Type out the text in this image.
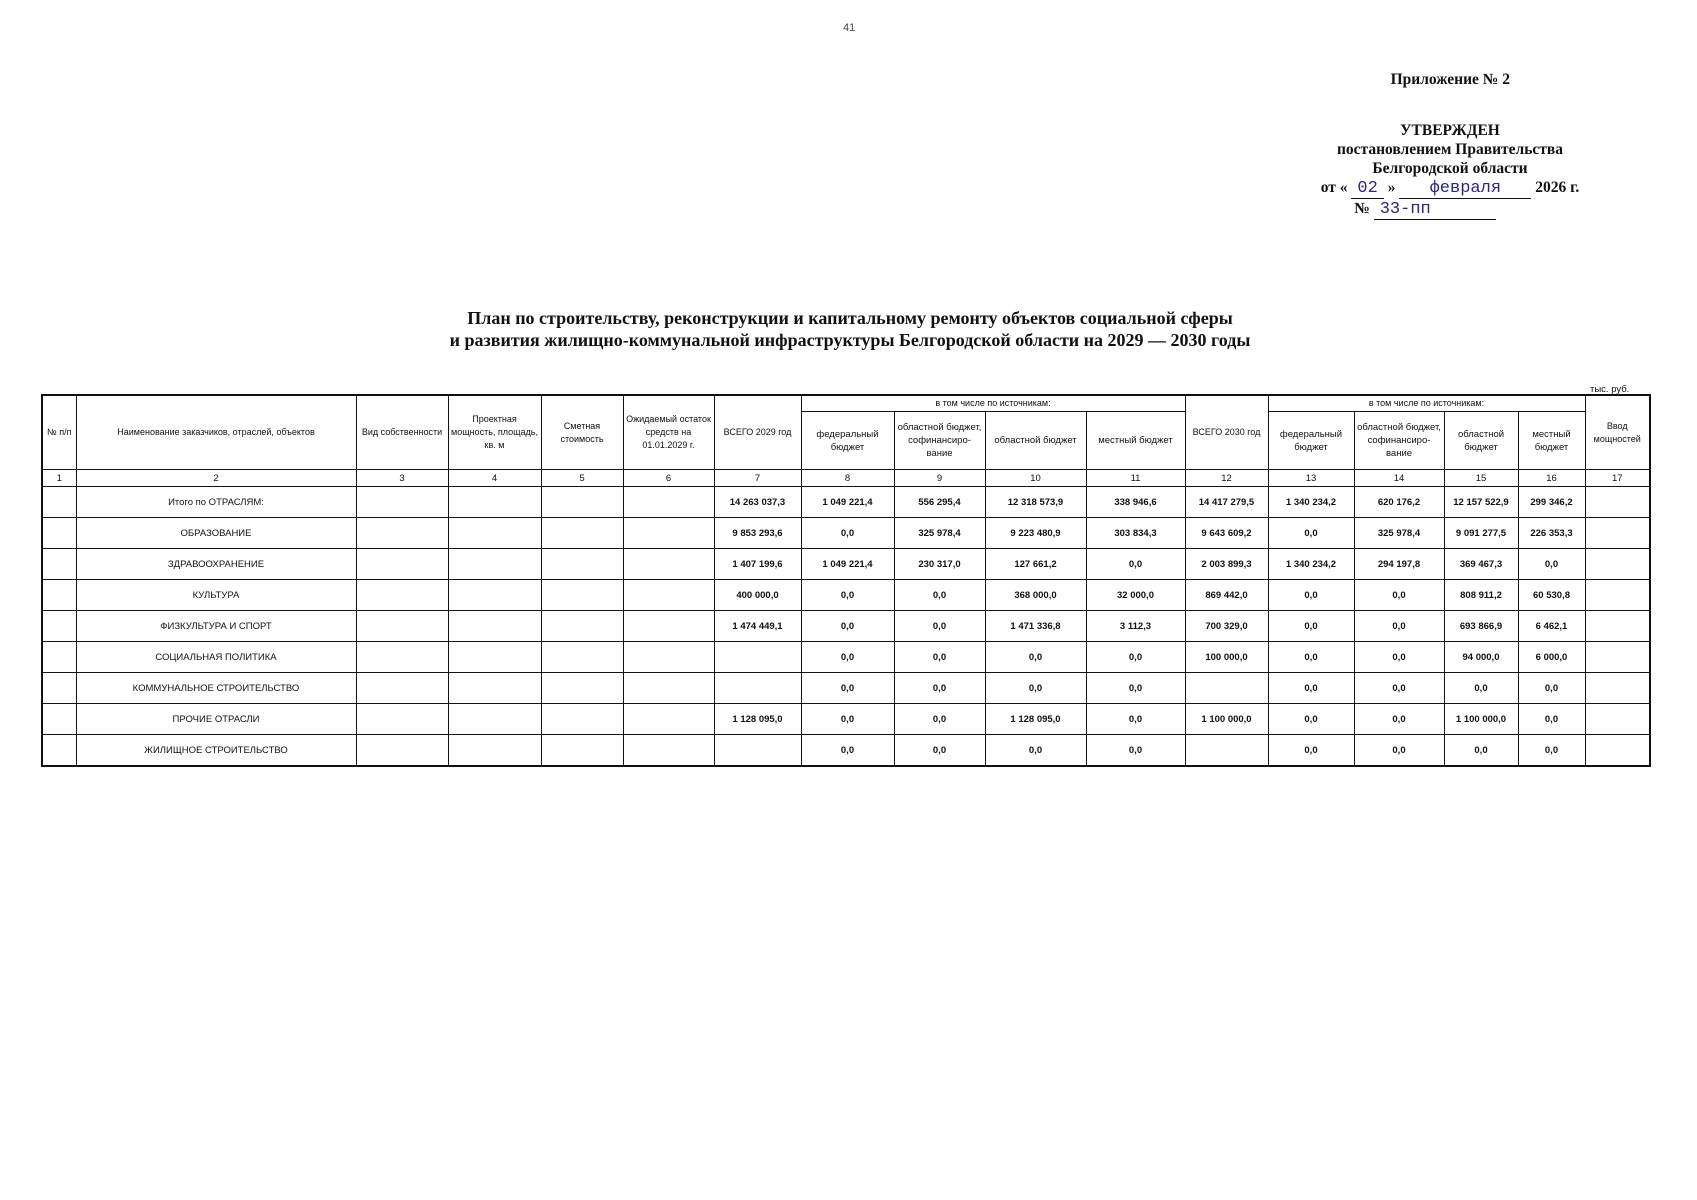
41
Приложение № 2
УТВЕРЖДЕН
постановлением Правительства
Белгородской области
от « 02 » февраля 2026 г.
№ 33-пп
План по строительству, реконструкции и капитальному ремонту объектов социальной сферы
и развития жилищно-коммунальной инфраструктуры Белгородской области на 2029 — 2030 годы
тыс. руб.
№ п/п	Наименование заказчиков, отраслей, объектов	Вид собственности	Проектная мощность, площадь, кв. м	Сметная стоимость	Ожидаемый остаток средств на 01.01.2029 г.	ВСЕГО 2029 год	в том числе по источникам:				ВСЕГО 2030 год	в том числе по источникам:				Ввод мощностей
							федеральный бюджет	областной бюджет, софинансиро-вание	областной бюджет	местный бюджет		федеральный бюджет	областной бюджет, софинансиро-вание	областной бюджет	местный бюджет	
1	2	3	4	5	6	7	8	9	10	11	12	13	14	15	16	17
	Итого по ОТРАСЛЯМ:					14 263 037,3	1 049 221,4	556 295,4	12 318 573,9	338 946,6	14 417 279,5	1 340 234,2	620 176,2	12 157 522,9	299 346,2	
	ОБРАЗОВАНИЕ					9 853 293,6	0,0	325 978,4	9 223 480,9	303 834,3	9 643 609,2	0,0	325 978,4	9 091 277,5	226 353,3	
	ЗДРАВООХРАНЕНИЕ					1 407 199,6	1 049 221,4	230 317,0	127 661,2	0,0	2 003 899,3	1 340 234,2	294 197,8	369 467,3	0,0	
	КУЛЬТУРА					400 000,0	0,0	0,0	368 000,0	32 000,0	869 442,0	0,0	0,0	808 911,2	60 530,8	
	ФИЗКУЛЬТУРА И СПОРТ					1 474 449,1	0,0	0,0	1 471 336,8	3 112,3	700 329,0	0,0	0,0	693 866,9	6 462,1	
	СОЦИАЛЬНАЯ ПОЛИТИКА						0,0	0,0	0,0	0,0	100 000,0	0,0	0,0	94 000,0	6 000,0	
	КОММУНАЛЬНОЕ СТРОИТЕЛЬСТВО						0,0	0,0	0,0	0,0		0,0	0,0	0,0	0,0	
	ПРОЧИЕ ОТРАСЛИ					1 128 095,0	0,0	0,0	1 128 095,0	0,0	1 100 000,0	0,0	0,0	1 100 000,0	0,0	
	ЖИЛИЩНОЕ СТРОИТЕЛЬСТВО						0,0	0,0	0,0	0,0		0,0	0,0	0,0	0,0	
